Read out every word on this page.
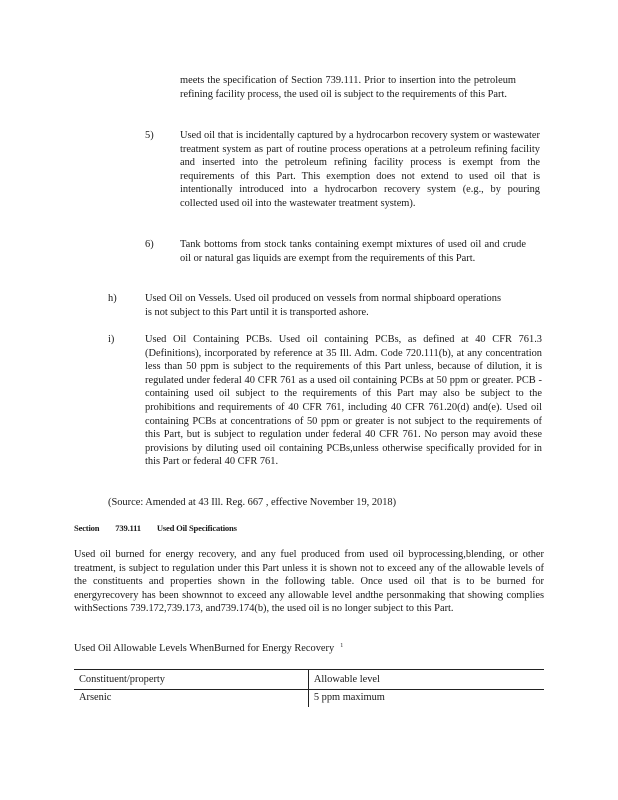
meets the specification of Section 739.111. Prior to insertion into the petroleum refining facility process, the used oil is subject to the requirements of this Part.

5)	Used oil that is incidentally captured by a hydrocarbon recovery system or wastewater treatment system as part of routine process operations at a petroleum refining facility and inserted into the petroleum refining facility process is exempt from the requirements of this Part. This exemption does not extend to used oil that is intentionally introduced into a hydrocarbon recovery system (e.g., by pouring collected used oil into the wastewater treatment system).

6)	Tank bottoms from stock tanks containing exempt mixtures of used oil and crude oil or natural gas liquids are exempt from the requirements of this Part.

h)	Used Oil on Vessels. Used oil produced on vessels from normal shipboard operations is not subject to this Part until it is transported ashore.

i)	Used Oil Containing PCBs. Used oil containing PCBs, as defined at 40 CFR 761.3 (Definitions), incorporated by reference at 35 Ill. Adm. Code 720.111(b), at any concentration less than 50 ppm is subject to the requirements of this Part unless, because of dilution, it is regulated under federal 40 CFR 761 as a used oil containing PCBs at 50 ppm or greater. PCB -containing used oil subject to the requirements of this Part may also be subject to the prohibitions and requirements of 40 CFR 761, including 40 CFR 761.20(d) and(e). Used oil containing PCBs at concentrations of 50 ppm or greater is not subject to the requirements of this Part, but is subject to regulation under federal 40 CFR 761. No person may avoid these provisions by diluting used oil containing PCBs,unless otherwise specifically provided for in this Part or federal 40 CFR 761.

(Source: Amended at 43 Ill. Reg. 667 , effective November 19, 2018)

Section 739.111 Used Oil Specifications

Used oil burned for energy recovery, and any fuel produced from used oil byprocessing,blending, or other treatment, is subject to regulation under this Part unless it is shown not to exceed any of the allowable levels of the constituents and properties shown in the following table. Once used oil that is to be burned for energyrecovery has been shownnot to exceed any allowable level andthe personmaking that showing complies withSections 739.172,739.173, and739.174(b), the used oil is no longer subject to this Part.

Used Oil Allowable Levels WhenBurned for Energy Recovery $^1$
Constituent/property	Allowable level
Arsenic	5 ppm maximum
